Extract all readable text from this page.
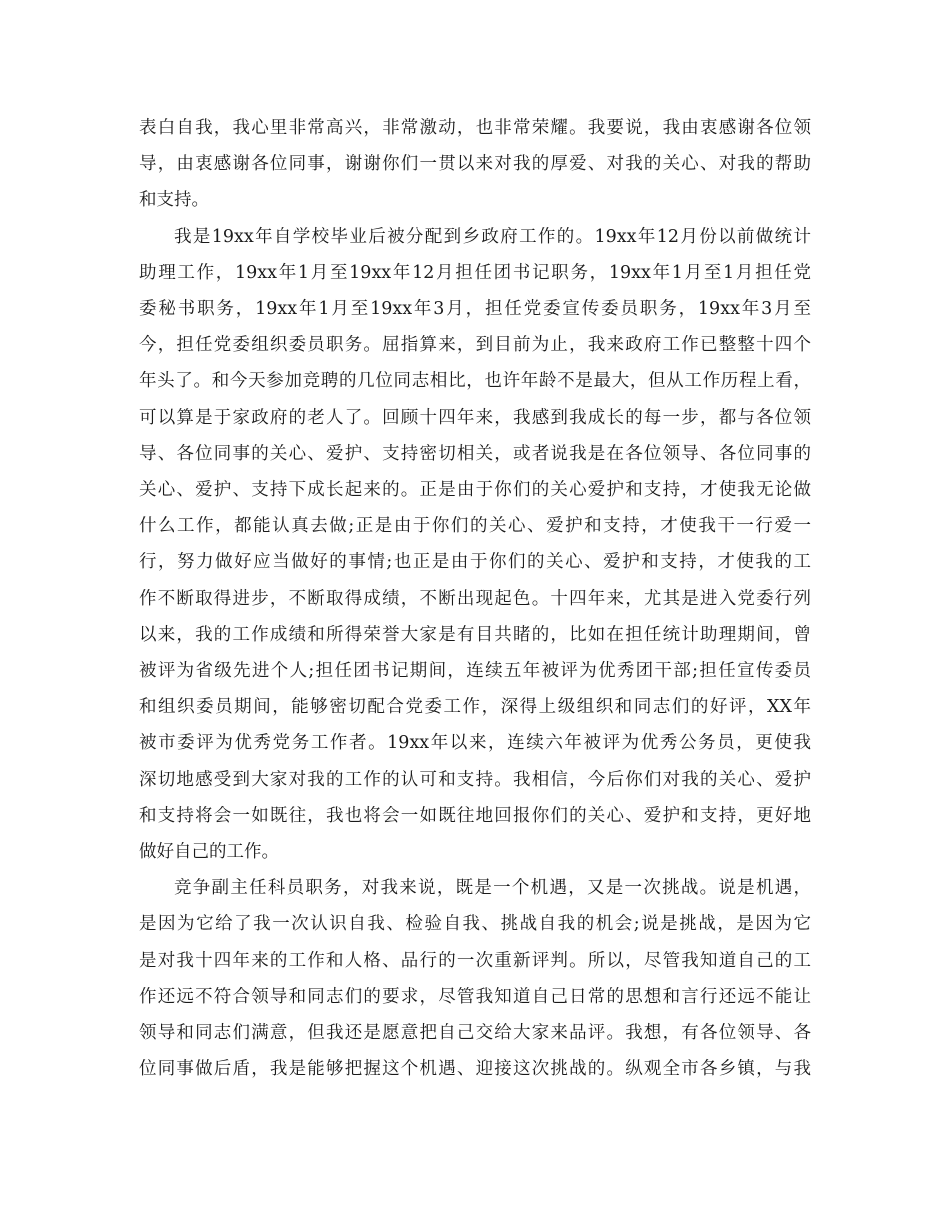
表白自我，我心里非常高兴，非常激动，也非常荣耀。我要说，我由衷感谢各位领
导，由衷感谢各位同事，谢谢你们一贯以来对我的厚爱、对我的关心、对我的帮助
和支持。
我是19xx年自学校毕业后被分配到乡政府工作的。19xx年12月份以前做统计
助理工作，19xx年1月至19xx年12月担任团书记职务，19xx年1月至1月担任党
委秘书职务，19xx年1月至19xx年3月，担任党委宣传委员职务，19xx年3月至
今，担任党委组织委员职务。屈指算来，到目前为止，我来政府工作已整整十四个
年头了。和今天参加竞聘的几位同志相比，也许年龄不是最大，但从工作历程上看，
可以算是于家政府的老人了。回顾十四年来，我感到我成长的每一步，都与各位领
导、各位同事的关心、爱护、支持密切相关，或者说我是在各位领导、各位同事的
关心、爱护、支持下成长起来的。正是由于你们的关心爱护和支持，才使我无论做
什么工作，都能认真去做;正是由于你们的关心、爱护和支持，才使我干一行爱一
行，努力做好应当做好的事情;也正是由于你们的关心、爱护和支持，才使我的工
作不断取得进步，不断取得成绩，不断出现起色。十四年来，尤其是进入党委行列
以来，我的工作成绩和所得荣誉大家是有目共睹的，比如在担任统计助理期间，曾
被评为省级先进个人;担任团书记期间，连续五年被评为优秀团干部;担任宣传委员
和组织委员期间，能够密切配合党委工作，深得上级组织和同志们的好评，XX年
被市委评为优秀党务工作者。19xx年以来，连续六年被评为优秀公务员，更使我
深切地感受到大家对我的工作的认可和支持。我相信，今后你们对我的关心、爱护
和支持将会一如既往，我也将会一如既往地回报你们的关心、爱护和支持，更好地
做好自己的工作。
竞争副主任科员职务，对我来说，既是一个机遇，又是一次挑战。说是机遇，
是因为它给了我一次认识自我、检验自我、挑战自我的机会;说是挑战，是因为它
是对我十四年来的工作和人格、品行的一次重新评判。所以，尽管我知道自己的工
作还远不符合领导和同志们的要求，尽管我知道自己日常的思想和言行还远不能让
领导和同志们满意，但我还是愿意把自己交给大家来品评。我想，有各位领导、各
位同事做后盾，我是能够把握这个机遇、迎接这次挑战的。纵观全市各乡镇，与我
